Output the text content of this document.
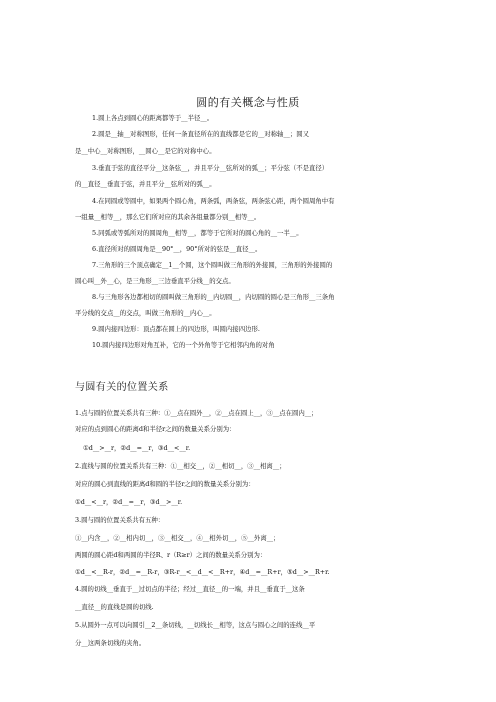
圆的有关概念与性质
1.圆上各点到圆心的距离都等于__半径__。
2.圆是__轴__对称图形，任何一条直径所在的直线都是它的__对称轴__；圆又
是__中心__对称图形，__圆心__是它的对称中心。
3.垂直于弦的直径平分__这条弦__，并且平分__弦所对的弧__；平分弦（不是直径）
的__直径__垂直于弦，并且平分__弦所对的弧__。
4.在同圆或等圆中，如果两个圆心角，两条弧，两条弦，两条弦心距，两个圆周角中有
一组量__相等__，那么它们所对应的其余各组量都分别__相等__。
5.同弧或等弧所对的圆周角__相等__，都等于它所对的圆心角的__一半__。
6.直径所对的圆周角是__90°__，90°所对的弦是__直径__。
7.三角形的三个顶点确定__1__个圆，这个圆叫做三角形的外接圆，三角形的外接圆的
圆心叫__外__心，是三角形__三边垂直平分线__的交点。
8.与三角形各边都相切的圆叫做三角形的__内切圆__，内切圆的圆心是三角形__三条角
平分线的交点__的交点，叫做三角形的__内心__。
9.圆内接四边形：顶点都在圆上的四边形，叫圆内接四边形.
10.圆内接四边形对角互补，它的一个外角等于它相邻内角的对角
与圆有关的位置关系
1.点与圆的位置关系共有三种：①__点在圆外__，②__点在圆上__，③__点在圆内__；
对应的点到圆心的距离d和半径r之间的数量关系分别为：
①d__>__r，②d__=__r，③d__<__r.
2.直线与圆的位置关系共有三种：①__相交__，②__相切__，③__相离__；
对应的圆心到直线的距离d和圆的半径r之间的数量关系分别为：
①d__<__r，②d__=__r，③d__>__r.
3.圆与圆的位置关系共有五种：
①__内含__，②__相内切__，③__相交__，④__相外切__，⑤__外离__；
两圆的圆心距d和两圆的半径R、r（R≥r）之间的数量关系分别为：
①d__<__R-r，②d__=__R-r，③R-r__<__d__<__R+r，④d__=__R+r，⑤d__>__R+r.
4.圆的切线__垂直于__过切点的半径；经过__直径__的一端，并且__垂直于__这条
__直径__的直线是圆的切线.
5.从圆外一点可以向圆引__2__条切线，__切线长__相等，这点与圆心之间的连线__平
分__这两条切线的夹角。
